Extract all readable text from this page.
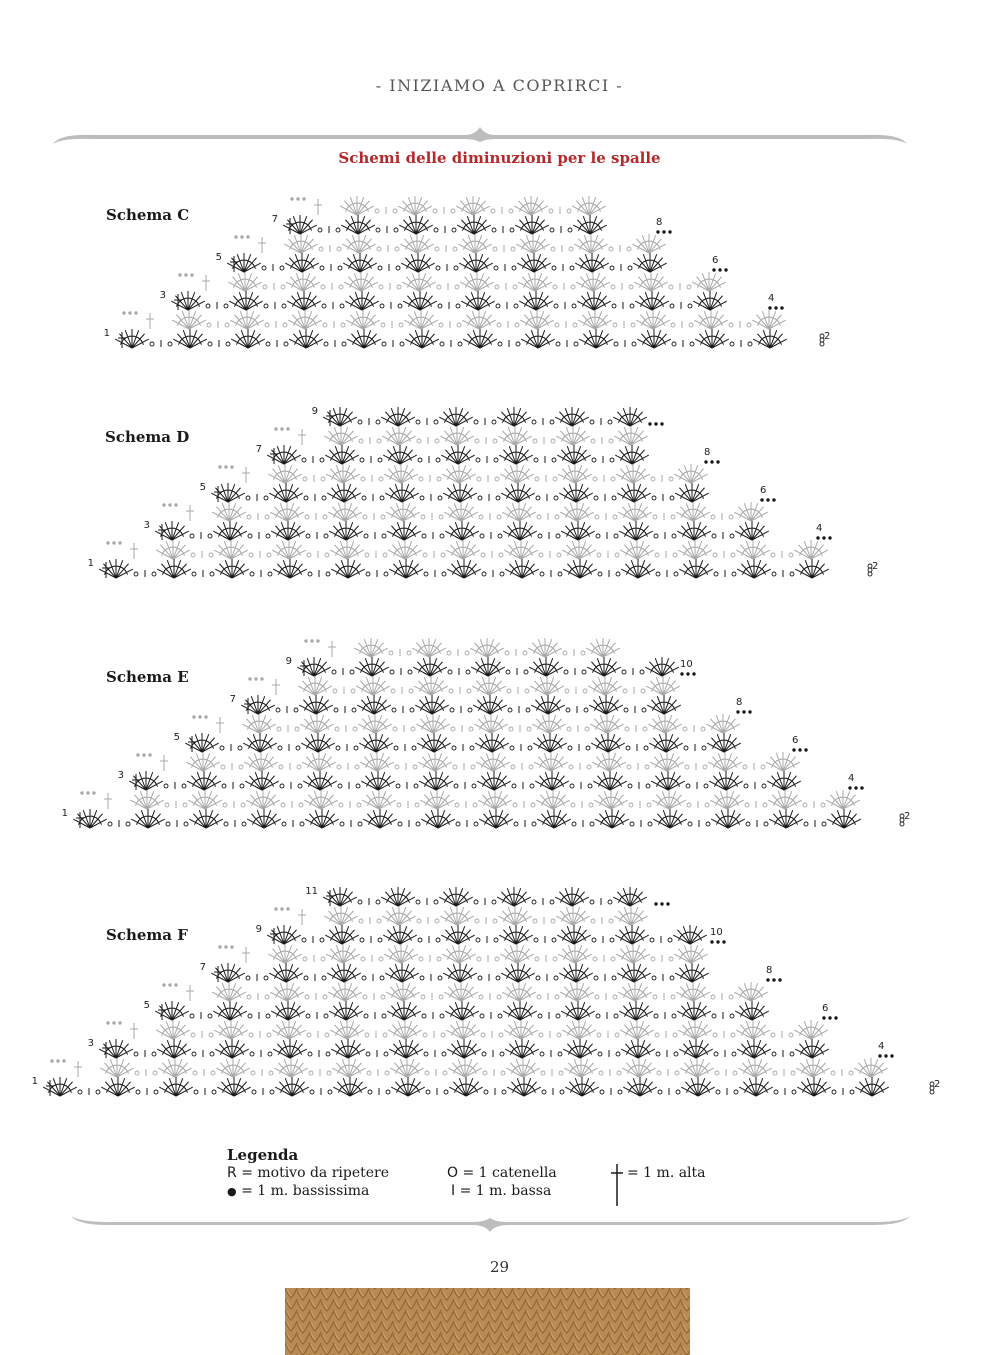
- INIZIAMO A COPRIRCI -
Schemi delle diminuzioni per le spalle
Schema C
Schema D
Schema E
Schema F
1
3
5
7
2
4
6
8
1
3
5
7
9
2
4
6
8
1
3
5
7
9
2
4
6
8
10
1
3
5
7
9
11
2
4
6
8
10
Legenda
R = motivo da ripetere
● = 1 m. bassissima
O = 1 catenella
I = 1 m. bassa
= 1 m. alta
29
